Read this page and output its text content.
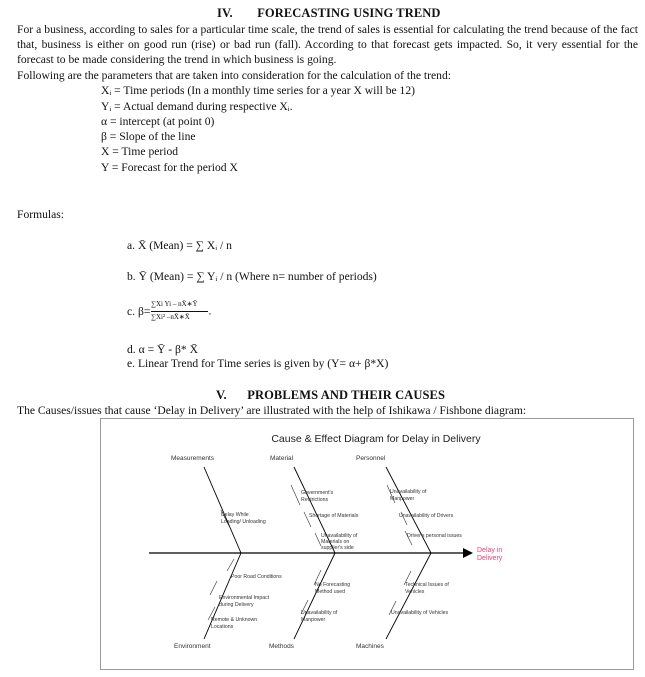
IV. FORECASTING USING TREND
For a business, according to sales for a particular time scale, the trend of sales is essential for calculating the trend because of the fact that, business is either on good run (rise) or bad run (fall). According to that forecast gets impacted. So, it very essential for the forecast to be made considering the trend in which business is going.
Following are the parameters that are taken into consideration for the calculation of the trend:
Xᵢ = Time periods (In a monthly time series for a year X will be 12)
Yᵢ = Actual demand during respective Xᵢ.
α = intercept (at point 0)
β = Slope of the line
X = Time period
Y = Forecast for the period X
Formulas:
a. X̄ (Mean) = ∑ Xᵢ / n
b. Ȳ (Mean) = ∑ Yᵢ / n (Where n= number of periods)
c. β=
∑Xi Yi – nX̄∗Ȳ
∑Xi² –nX̄∗X̄
,
d. α = Ȳ - β* X̄
e. Linear Trend for Time series is given by (Y= α+ β*X)
V. PROBLEMS AND THEIR CAUSES
The Causes/issues that cause ‘Delay in Delivery’ are illustrated with the help of Ishikawa / Fishbone diagram:
Cause & Effect Diagram for Delay in Delivery
Measurements	Material	Personnel
Environment	Methods	Machines
Delay in
Delivery
Government's
Restrictions
Shortage of Materials
Unavailability of
Materials on
supplier's side
Delay While
Loading/ Unloading
Unavailability of
Manpower
Unavailability of Drivers
Driver's personal issues
Poor Road Conditions
Environmental Impact
during Delivery
Remote & Unknown
Locations
No Forecasting
Method used
Unavailability of
Manpower
Technical Issues of
Vehicles
Unavailability of Vehicles
